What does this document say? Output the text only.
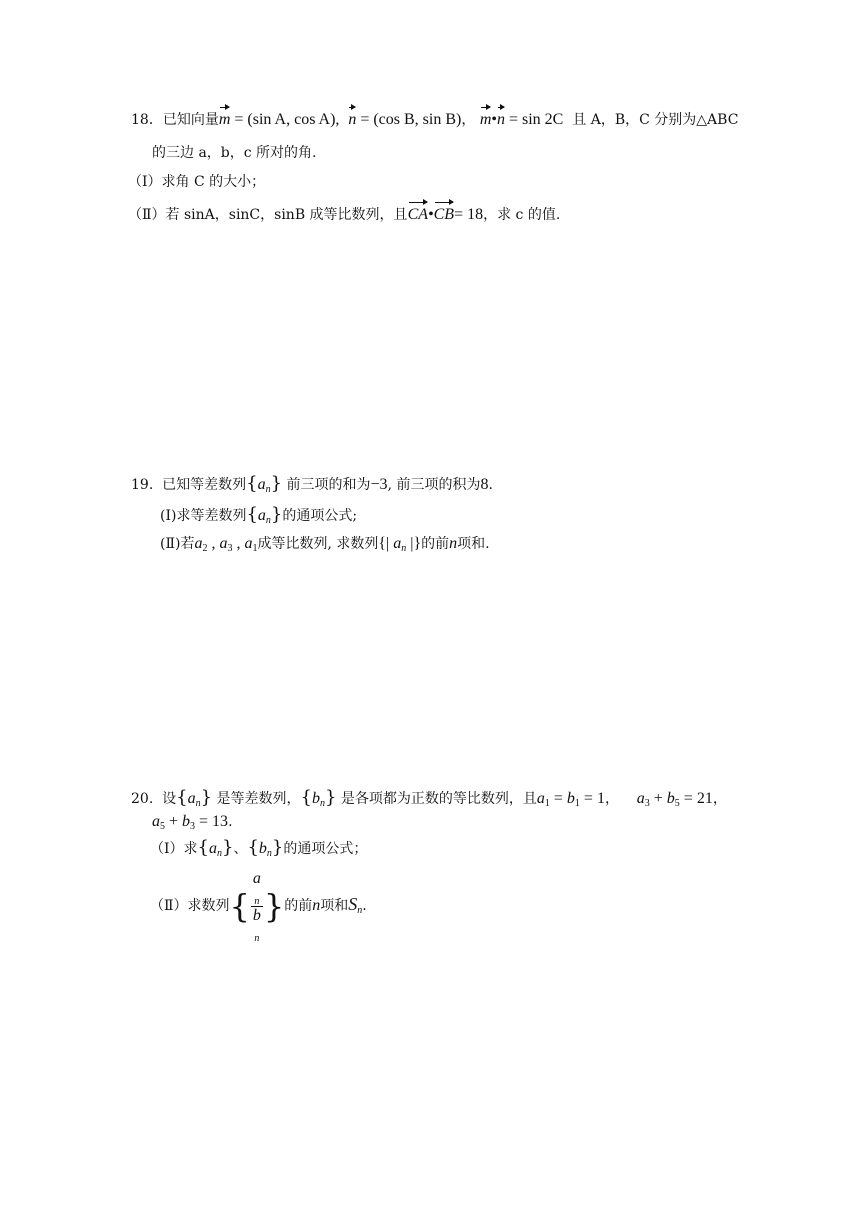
18．已知向量m = (sin A, cos A), n = (cos B, sin B)， m•n = sin 2C 且 A，B，C 分别为△ABC
的三边 a，b，c 所对的角.
（Ⅰ）求角 C 的大小；
（Ⅱ）若 sinA，sinC，sinB 成等比数列，且CA•CB= 18，求 c 的值.
19. 已知等差数列$\{a_n\}$ 前三项的和为−3, 前三项的积为8.
(Ⅰ)求等差数列$\{a_n\}$的通项公式;
(Ⅱ)若$a_2$ , $a_3$ , $a_1$成等比数列, 求数列{| $a_n$ |}的前n项和.
20. 设$\{a_n\}$ 是等差数列，$\{b_n\}$ 是各项都为正数的等比数列，且$a_1 = b_1 = 1$， $a_3 + b_5 = 21$，
$a_5 + b_3 = 13$.
（Ⅰ）求$\{a_n\}$、$\{b_n\}$的通项公式；
（Ⅱ）求数列{ a
$_n$
b
$_n$ }的前n项和$S_n$.
